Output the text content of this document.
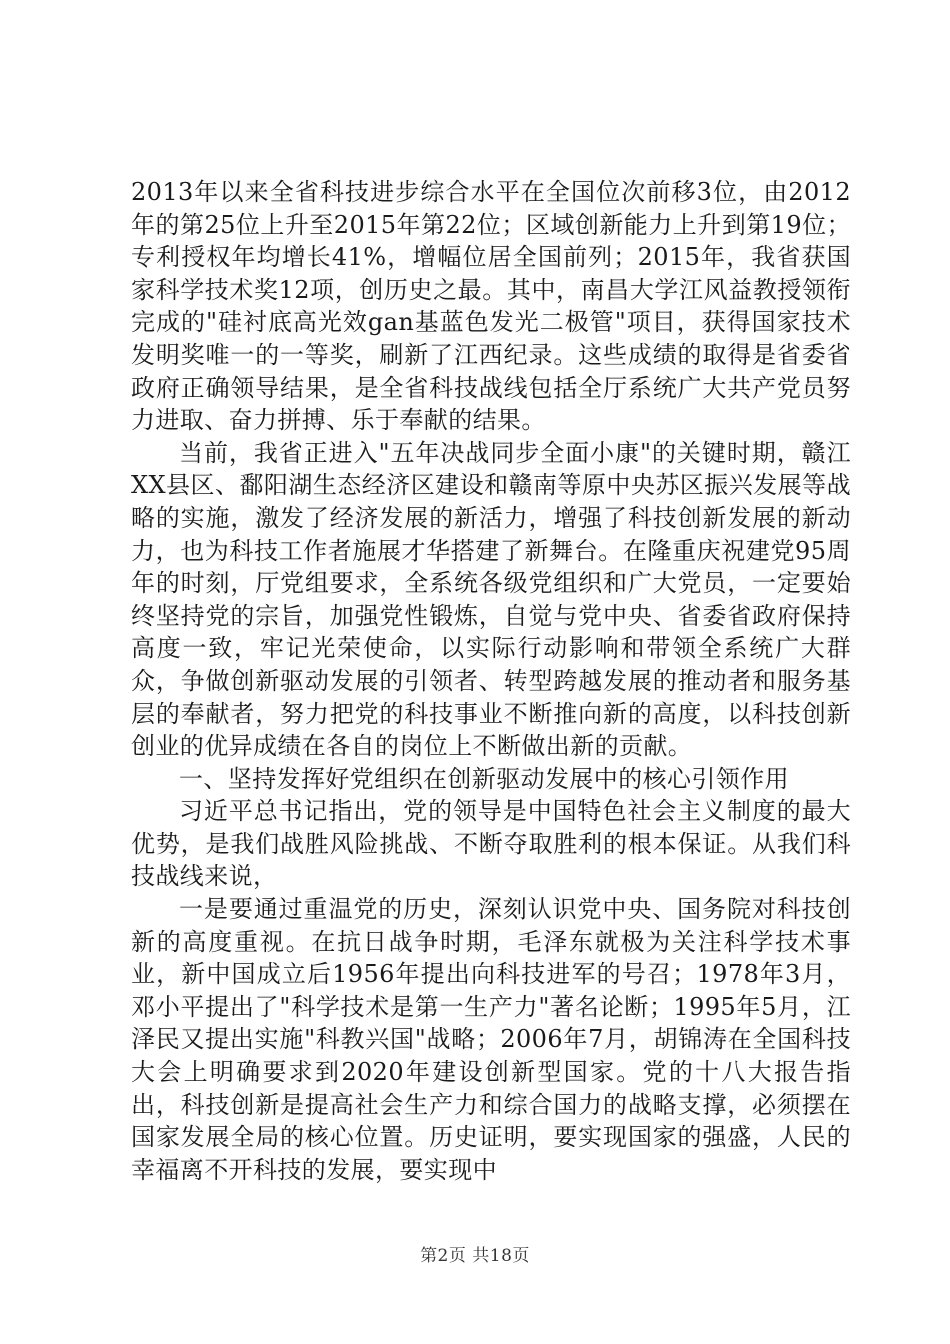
2013年以来全省科技进步综合水平在全国位次前移3位，由2012年的第25位上升至2015年第22位；区域创新能力上升到第19位；专利授权年均增长41%，增幅位居全国前列；2015年，我省获国家科学技术奖12项，创历史之最。其中，南昌大学江风益教授领衔完成的"硅衬底高光效gan基蓝色发光二极管"项目，获得国家技术发明奖唯一的一等奖，刷新了江西纪录。这些成绩的取得是省委省政府正确领导结果，是全省科技战线包括全厅系统广大共产党员努力进取、奋力拼搏、乐于奉献的结果。

当前，我省正进入"五年决战同步全面小康"的关键时期，赣江XX县区、鄱阳湖生态经济区建设和赣南等原中央苏区振兴发展等战略的实施，激发了经济发展的新活力，增强了科技创新发展的新动力，也为科技工作者施展才华搭建了新舞台。在隆重庆祝建党95周年的时刻，厅党组要求，全系统各级党组织和广大党员，一定要始终坚持党的宗旨，加强党性锻炼，自觉与党中央、省委省政府保持高度一致，牢记光荣使命，以实际行动影响和带领全系统广大群众，争做创新驱动发展的引领者、转型跨越发展的推动者和服务基层的奉献者，努力把党的科技事业不断推向新的高度，以科技创新创业的优异成绩在各自的岗位上不断做出新的贡献。

一、坚持发挥好党组织在创新驱动发展中的核心引领作用

习近平总书记指出，党的领导是中国特色社会主义制度的最大优势，是我们战胜风险挑战、不断夺取胜利的根本保证。从我们科技战线来说，

一是要通过重温党的历史，深刻认识党中央、国务院对科技创新的高度重视。在抗日战争时期，毛泽东就极为关注科学技术事业，新中国成立后1956年提出向科技进军的号召；1978年3月，邓小平提出了"科学技术是第一生产力"著名论断；1995年5月，江泽民又提出实施"科教兴国"战略；2006年7月，胡锦涛在全国科技大会上明确要求到2020年建设创新型国家。党的十八大报告指出，科技创新是提高社会生产力和综合国力的战略支撑，必须摆在国家发展全局的核心位置。历史证明，要实现国家的强盛，人民的幸福离不开科技的发展，要实现中

第2页 共18页
